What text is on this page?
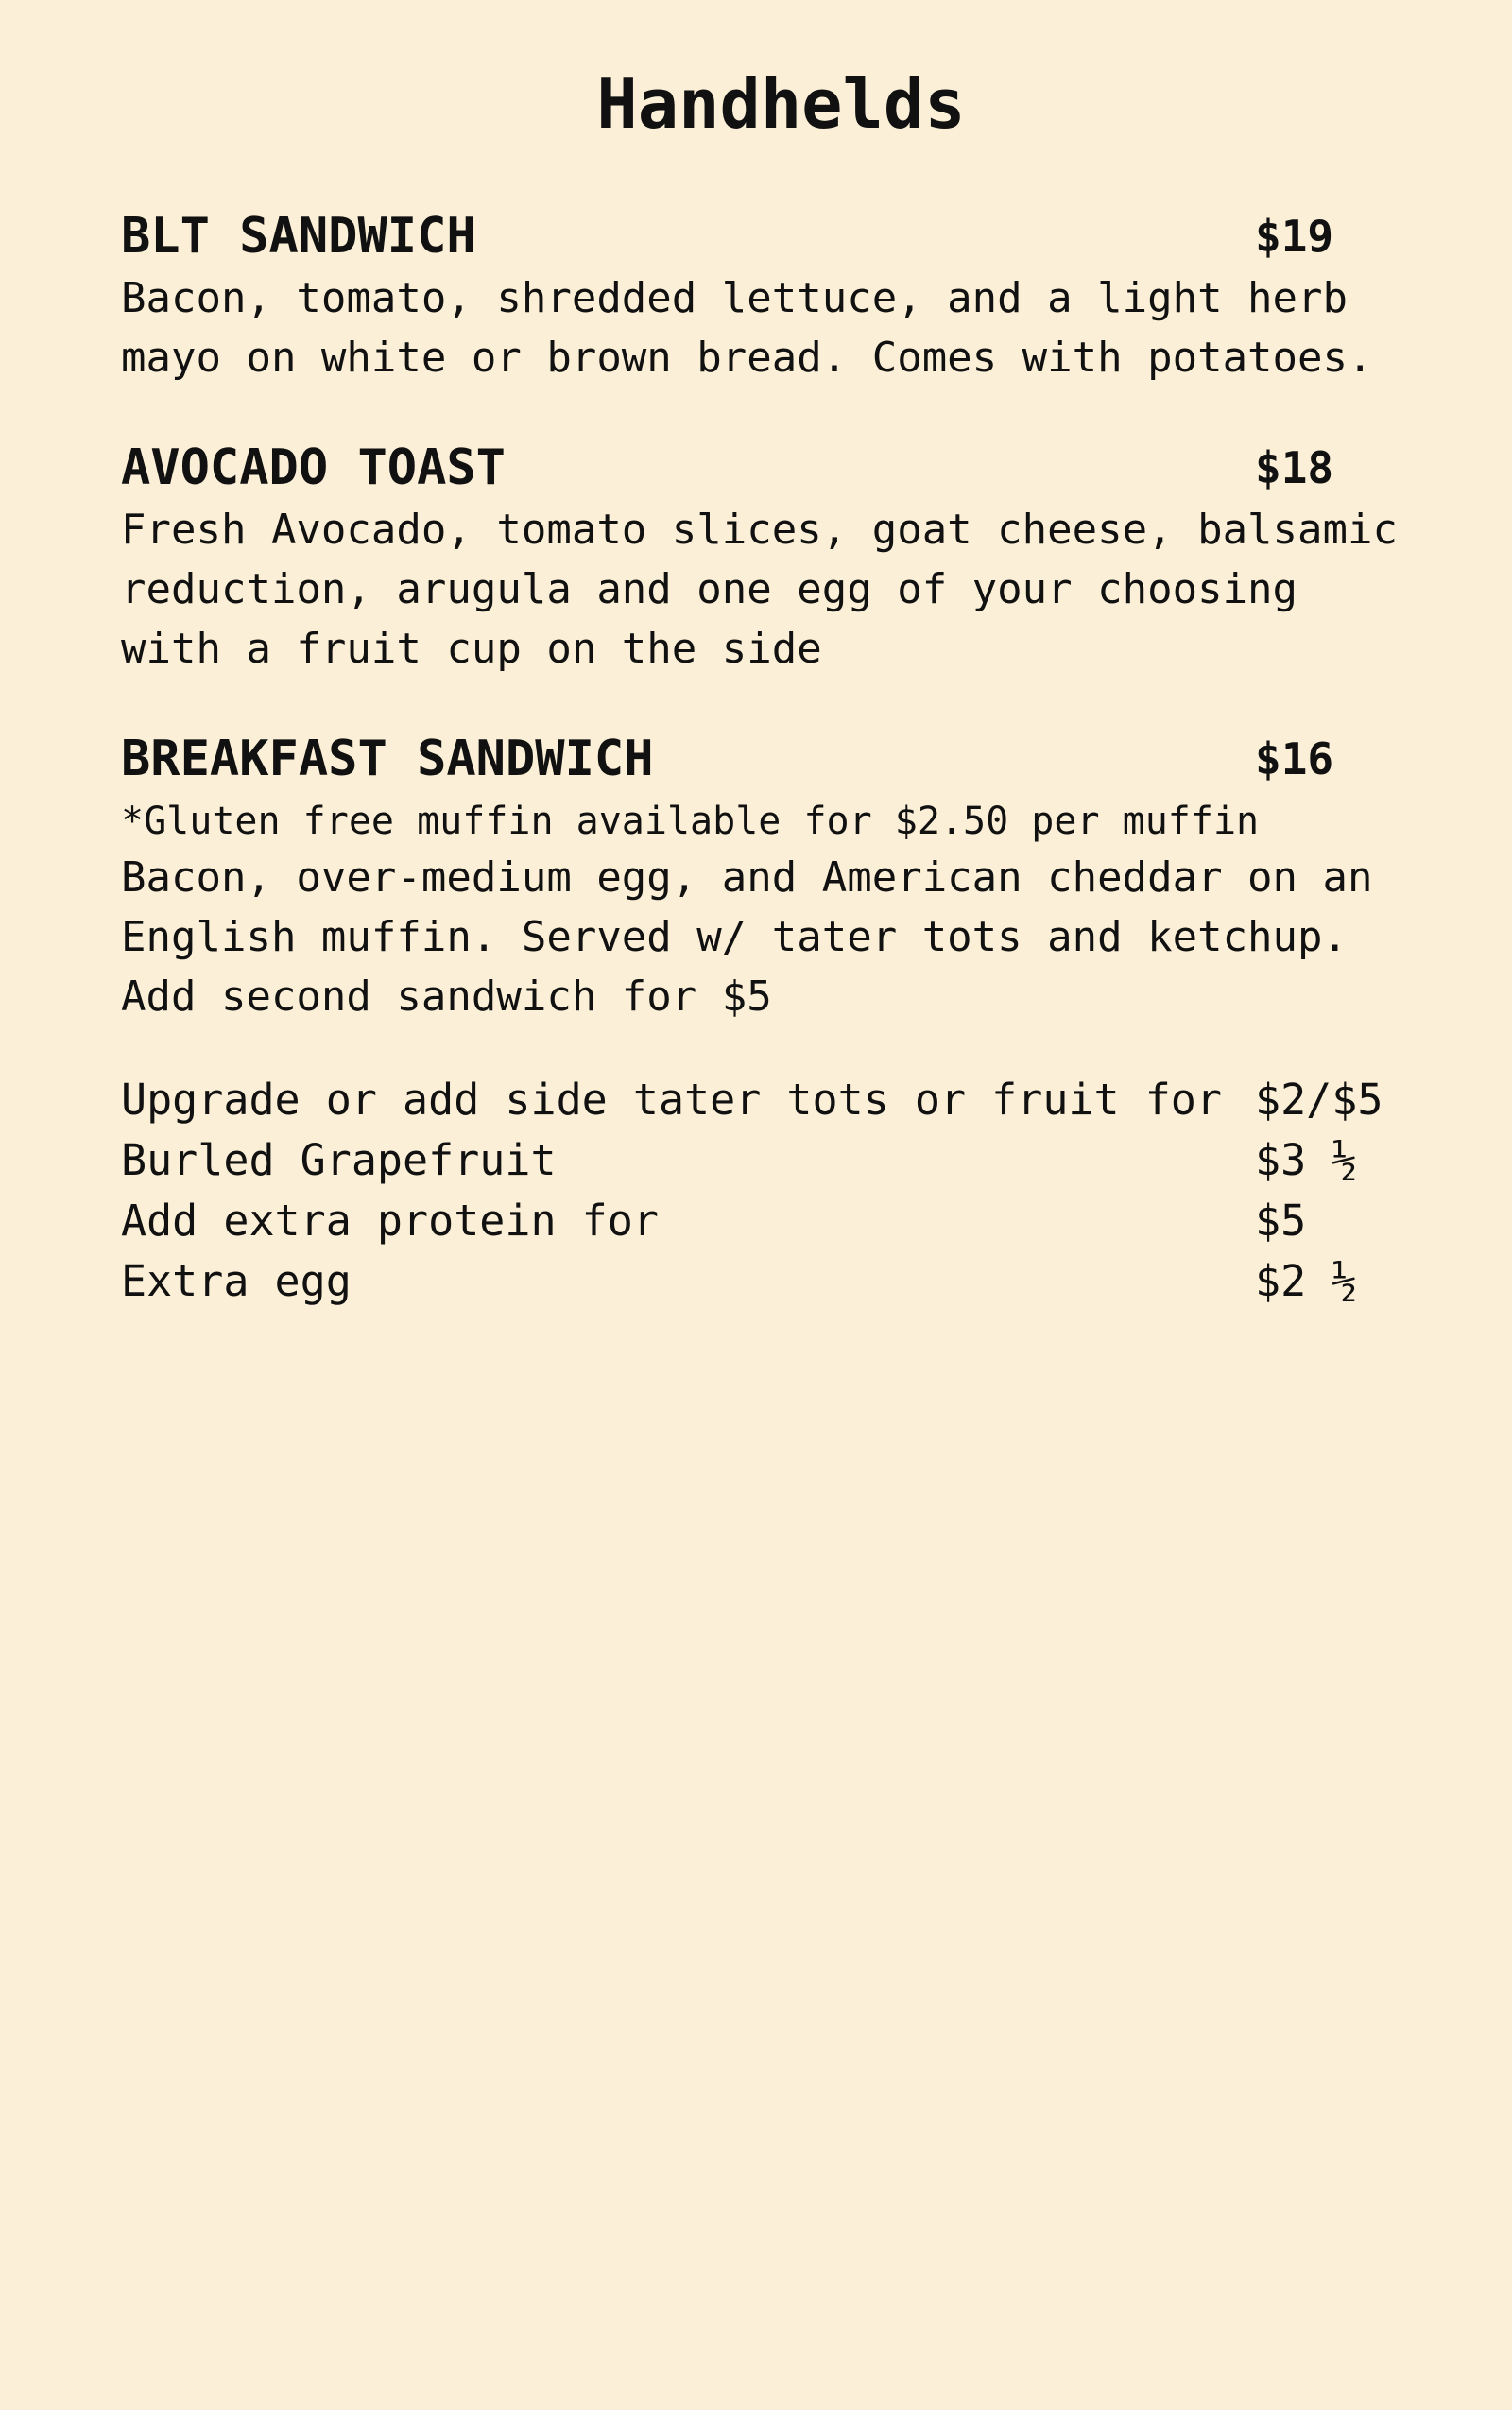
Handhelds
BLT SANDWICH	$19
Bacon, tomato, shredded lettuce, and a light herb
mayo on white or brown bread. Comes with potatoes.
AVOCADO TOAST	$18
Fresh Avocado, tomato slices, goat cheese, balsamic
reduction, arugula and one egg of your choosing
with a fruit cup on the side
BREAKFAST SANDWICH	$16
*Gluten free muffin available for $2.50 per muffin
Bacon, over-medium egg, and American cheddar on an
English muffin. Served w/ tater tots and ketchup.
Add second sandwich for $5
Upgrade or add side tater tots or fruit for $2/$5
Burled Grapefruit	$3 ½
Add extra protein for	$5
Extra egg	$2 ½
